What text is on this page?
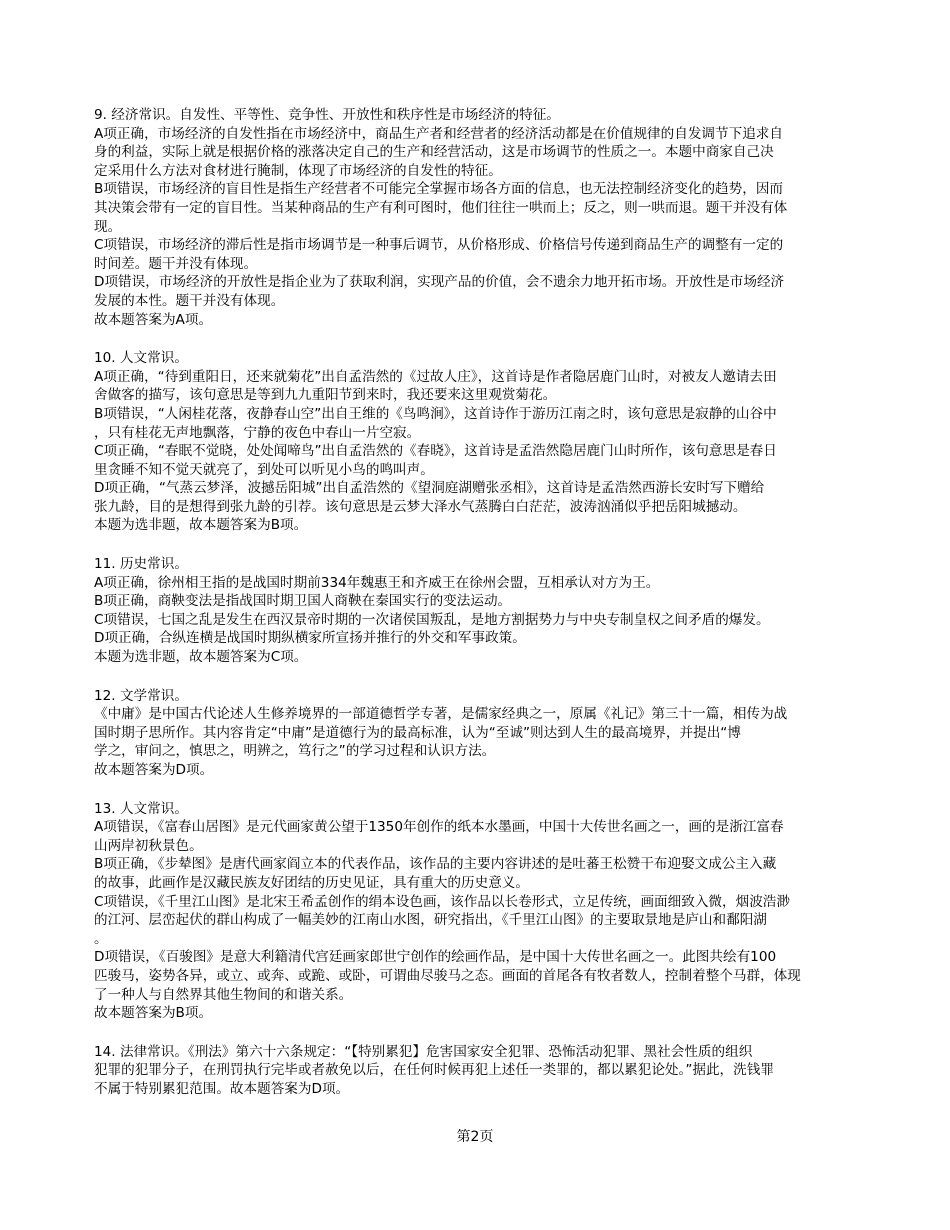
9. 经济常识。自发性、平等性、竞争性、开放性和秩序性是市场经济的特征。
A项正确，市场经济的自发性指在市场经济中，商品生产者和经营者的经济活动都是在价值规律的自发调节下追求自
身的利益，实际上就是根据价格的涨落决定自己的生产和经营活动，这是市场调节的性质之一。本题中商家自己决
定采用什么方法对食材进行腌制，体现了市场经济的自发性的特征。
B项错误，市场经济的盲目性是指生产经营者不可能完全掌握市场各方面的信息，也无法控制经济变化的趋势，因而
其决策会带有一定的盲目性。当某种商品的生产有利可图时，他们往往一哄而上；反之，则一哄而退。题干并没有体
现。
C项错误，市场经济的滞后性是指市场调节是一种事后调节，从价格形成、价格信号传递到商品生产的调整有一定的
时间差。题干并没有体现。
D项错误，市场经济的开放性是指企业为了获取利润，实现产品的价值，会不遗余力地开拓市场。开放性是市场经济
发展的本性。题干并没有体现。
故本题答案为A项。
10. 人文常识。
A项正确，“待到重阳日，还来就菊花”出自孟浩然的《过故人庄》，这首诗是作者隐居鹿门山时，对被友人邀请去田
舍做客的描写，该句意思是等到九九重阳节到来时，我还要来这里观赏菊花。
B项错误，“人闲桂花落，夜静春山空”出自王维的《鸟鸣涧》，这首诗作于游历江南之时，该句意思是寂静的山谷中
，只有桂花无声地飘落，宁静的夜色中春山一片空寂。
C项正确，“春眠不觉晓，处处闻啼鸟”出自孟浩然的《春晓》，这首诗是孟浩然隐居鹿门山时所作，该句意思是春日
里贪睡不知不觉天就亮了，到处可以听见小鸟的鸣叫声。
D项正确，“气蒸云梦泽，波撼岳阳城”出自孟浩然的《望洞庭湖赠张丞相》，这首诗是孟浩然西游长安时写下赠给
张九龄，目的是想得到张九龄的引荐。该句意思是云梦大泽水气蒸腾白白茫茫，波涛汹涌似乎把岳阳城撼动。
本题为选非题，故本题答案为B项。
11. 历史常识。
A项正确，徐州相王指的是战国时期前334年魏惠王和齐威王在徐州会盟，互相承认对方为王。
B项正确，商鞅变法是指战国时期卫国人商鞅在秦国实行的变法运动。
C项错误，七国之乱是发生在西汉景帝时期的一次诸侯国叛乱，是地方割据势力与中央专制皇权之间矛盾的爆发。
D项正确，合纵连横是战国时期纵横家所宣扬并推行的外交和军事政策。
本题为选非题，故本题答案为C项。
12. 文学常识。
《中庸》是中国古代论述人生修养境界的一部道德哲学专著，是儒家经典之一，原属《礼记》第三十一篇，相传为战
国时期子思所作。其内容肯定“中庸”是道德行为的最高标准，认为“至诚”则达到人生的最高境界，并提出“博
学之，审问之，慎思之，明辨之，笃行之”的学习过程和认识方法。
故本题答案为D项。
13. 人文常识。
A项错误，《富春山居图》是元代画家黄公望于1350年创作的纸本水墨画，中国十大传世名画之一，画的是浙江富春
山两岸初秋景色。
B项正确，《步辇图》是唐代画家阎立本的代表作品，该作品的主要内容讲述的是吐蕃王松赞干布迎娶文成公主入藏
的故事，此画作是汉藏民族友好团结的历史见证，具有重大的历史意义。
C项错误，《千里江山图》是北宋王希孟创作的绢本设色画，该作品以长卷形式，立足传统，画面细致入微，烟波浩渺
的江河、层峦起伏的群山构成了一幅美妙的江南山水图，研究指出，《千里江山图》的主要取景地是庐山和鄱阳湖
。
D项错误，《百骏图》是意大利籍清代宫廷画家郎世宁创作的绘画作品，是中国十大传世名画之一。此图共绘有100
匹骏马，姿势各异，或立、或奔、或跪、或卧，可谓曲尽骏马之态。画面的首尾各有牧者数人，控制着整个马群，体现
了一种人与自然界其他生物间的和谐关系。
故本题答案为B项。
14. 法律常识。《刑法》第六十六条规定：“【特别累犯】危害国家安全犯罪、恐怖活动犯罪、黑社会性质的组织
犯罪的犯罪分子，在刑罚执行完毕或者赦免以后，在任何时候再犯上述任一类罪的，都以累犯论处。”据此，洗钱罪
不属于特别累犯范围。故本题答案为D项。
第2页
